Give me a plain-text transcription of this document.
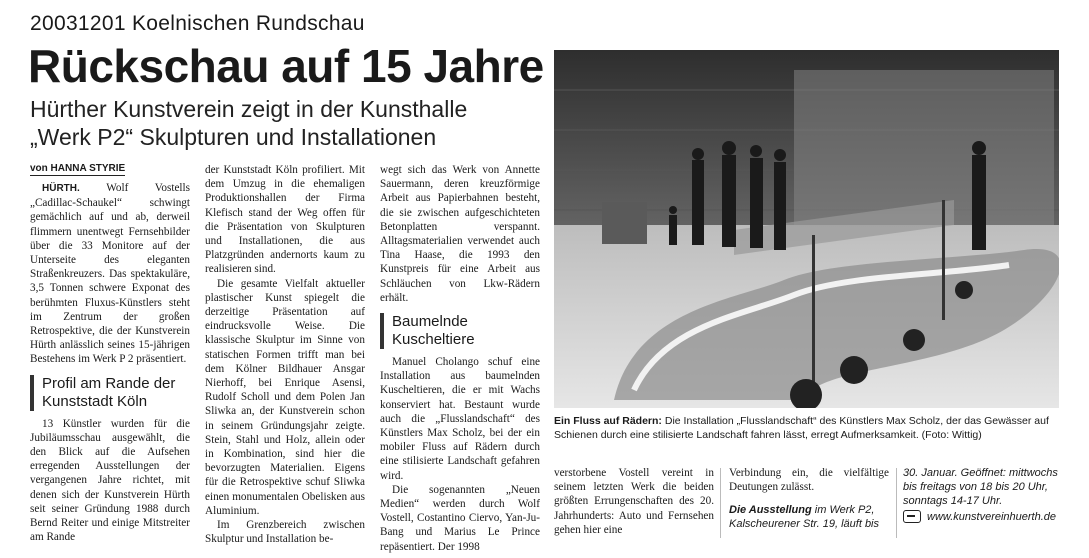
20031201 Koelnischen Rundschau
Rückschau auf 15 Jahre
Hürther Kunstverein zeigt in der Kunsthalle
„Werk P2“ Skulpturen und Installationen
von HANNA STYRIE

HÜRTH. Wolf Vostells „Cadillac-Schaukel“ schwingt gemächlich auf und ab, derweil flimmern unentwegt Fernsehbilder über die 33 Monitore auf der Unterseite des eleganten Straßenkreuzers. Das spektakuläre, 3,5 Tonnen schwere Exponat des berühmten Fluxus-Künstlers steht im Zentrum der großen Retrospektive, die der Kunstverein Hürth anlässlich seines 15-jährigen Bestehens im Werk P 2 präsentiert.

Profil am Rande der Kunststadt Köln

13 Künstler wurden für die Jubiläumsschau ausgewählt, die den Blick auf die Aufsehen erregenden Ausstellungen der vergangenen Jahre richtet, mit denen sich der Kunstverein Hürth seit seiner Gründung 1988 durch Bernd Reiter und einige Mitstreiter am Rande

der Kunststadt Köln profiliert. Mit dem Umzug in die ehemaligen Produktionshallen der Firma Klefisch stand der Weg offen für die Präsentation von Skulpturen und Installationen, die aus Platzgründen andernorts kaum zu realisieren sind.

Die gesamte Vielfalt aktueller plastischer Kunst spiegelt die derzeitige Präsentation auf eindrucksvolle Weise. Die klassische Skulptur im Sinne von statischen Formen trifft man bei dem Kölner Bildhauer Ansgar Nierhoff, bei Enrique Asensi, Rudolf Scholl und dem Polen Jan Sliwka an, der Kunstverein schon in seinem Gründungsjahr zeigte. Stein, Stahl und Holz, allein oder in Kombination, sind hier die bevorzugten Materialien. Eigens für die Retrospektive schuf Sliwka einen monumentalen Obelisken aus Aluminium.

Im Grenzbereich zwischen Skulptur und Installation be-

wegt sich das Werk von Annette Sauermann, deren kreuzförmige Arbeit aus Papierbahnen besteht, die sie zwischen aufgeschichteten Betonplatten verspannt. Alltagsmaterialien verwendet auch Tina Haase, die 1993 den Kunstpreis für eine Arbeit aus Schläuchen von Lkw-Rädern erhält.

Baumelnde Kuscheltiere

Manuel Cholango schuf eine Installation aus baumelnden Kuscheltieren, die er mit Wachs konserviert hat. Bestaunt wurde auch die „Flusslandschaft“ des Künstlers Max Scholz, bei der ein mobiler Fluss auf Rädern durch eine stilisierte Landschaft gefahren wird.

Die sogenannten „Neuen Medien“ werden durch Wolf Vostell, Costantino Ciervo, Yan-Ju-Bang und Marius Le Prince repäsentiert. Der 1998

Ein Fluss auf Rädern: Die Installation „Flusslandschaft“ des Künstlers Max Scholz, der das Gewässer auf Schienen durch eine stilisierte Landschaft fahren lässt, erregt Aufmerksamkeit. (Foto: Wittig)

verstorbene Vostell vereint in seinem letzten Werk die beiden größten Errungenschaften des 20. Jahrhunderts: Auto und Fernsehen gehen hier eine

Verbindung ein, die vielfältige Deutungen zulässt.

Die Ausstellung im Werk P2, Kalscheurener Str. 19, läuft bis
30. Januar. Geöffnet: mittwochs bis freitags von 18 bis 20 Uhr, sonntags 14-17 Uhr.
www.kunstvereinhuerth.de
